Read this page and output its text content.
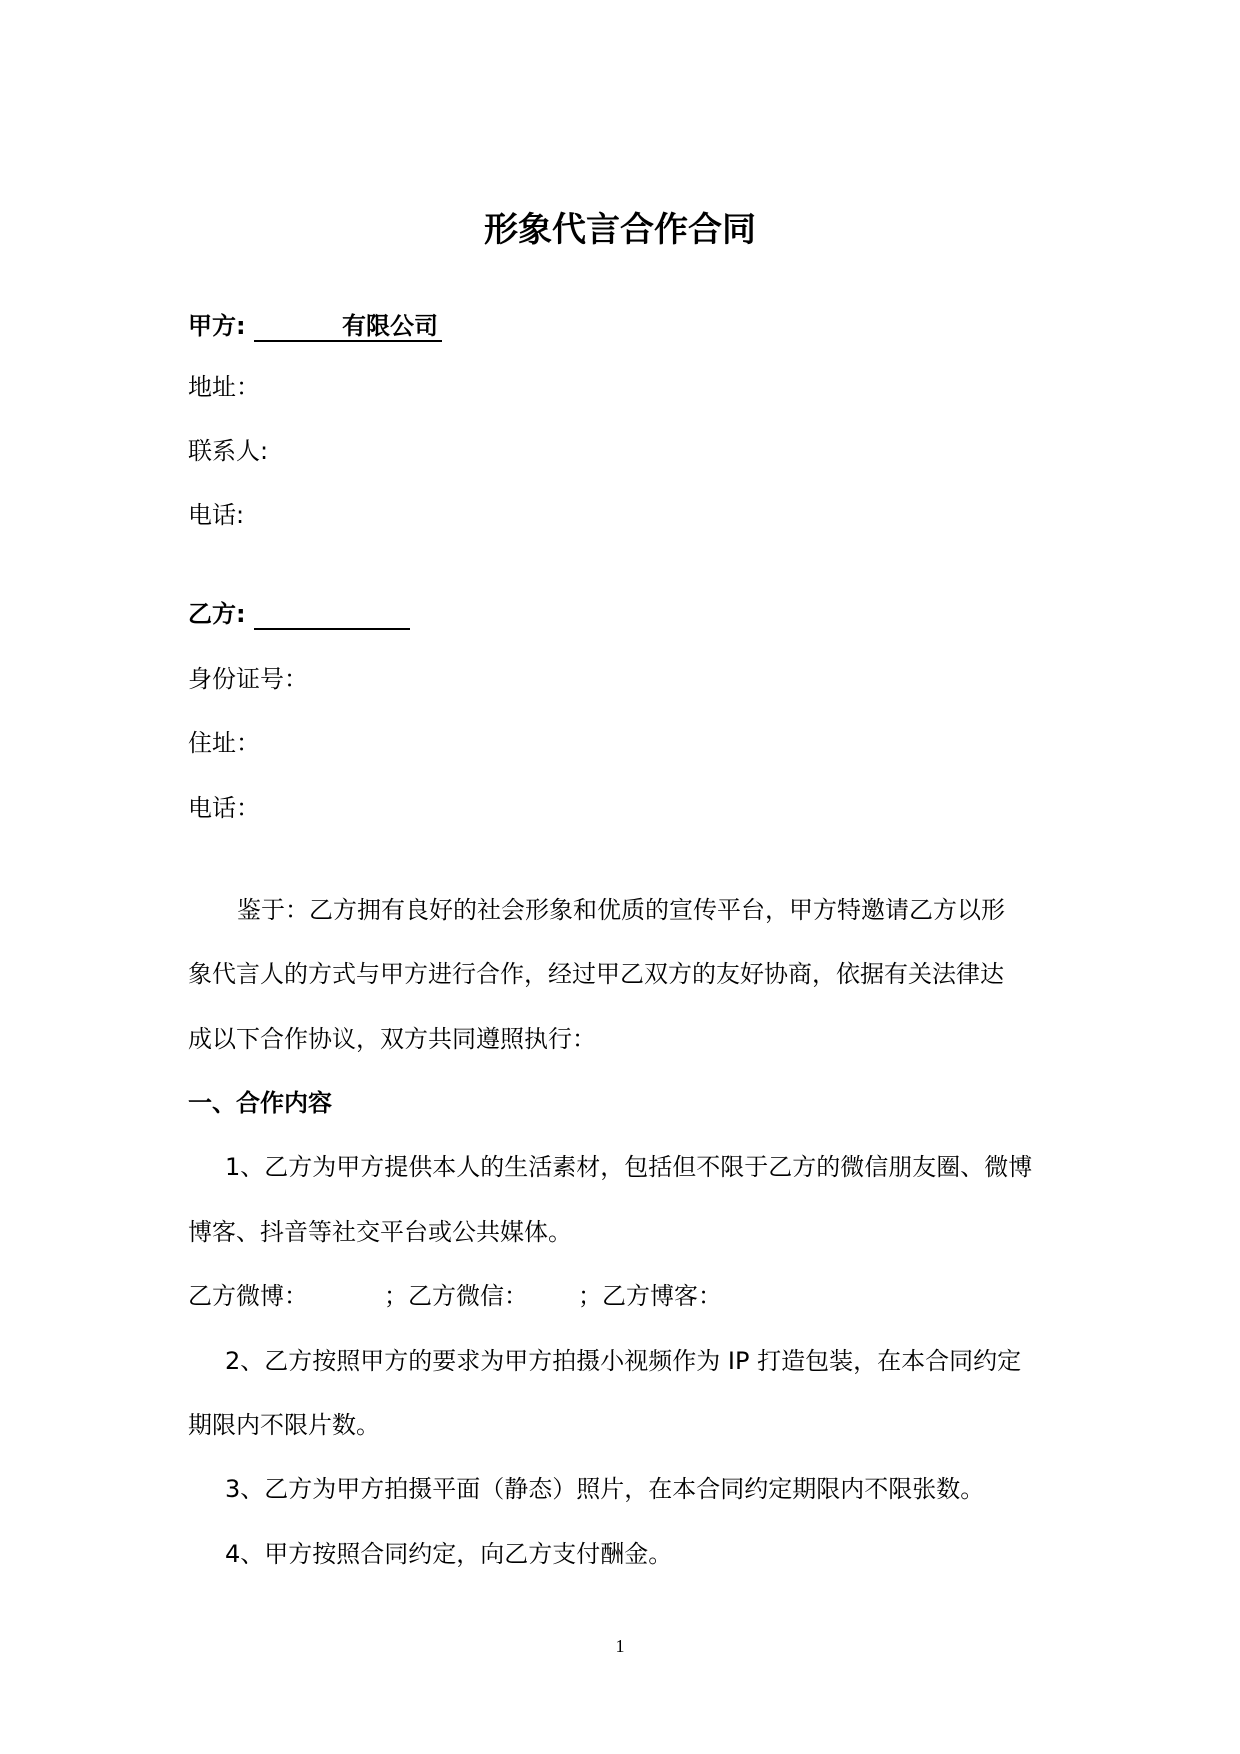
形象代言合作合同
甲方:	有限公司
地址：
联系人:
电话:
乙方:
身份证号：
住址：
电话：
鉴于：乙方拥有良好的社会形象和优质的宣传平台，甲方特邀请乙方以形
象代言人的方式与甲方进行合作，经过甲乙双方的友好协商，依据有关法律达
成以下合作协议，双方共同遵照执行：
一、合作内容
1、乙方为甲方提供本人的生活素材，包括但不限于乙方的微信朋友圈、微博
博客、抖音等社交平台或公共媒体。
乙方微博：	；乙方微信： ；乙方博客：
2、乙方按照甲方的要求为甲方拍摄小视频作为 IP 打造包装，在本合同约定
期限内不限片数。
3、乙方为甲方拍摄平面（静态）照片，在本合同约定期限内不限张数。
4、甲方按照合同约定，向乙方支付酬金。
1
